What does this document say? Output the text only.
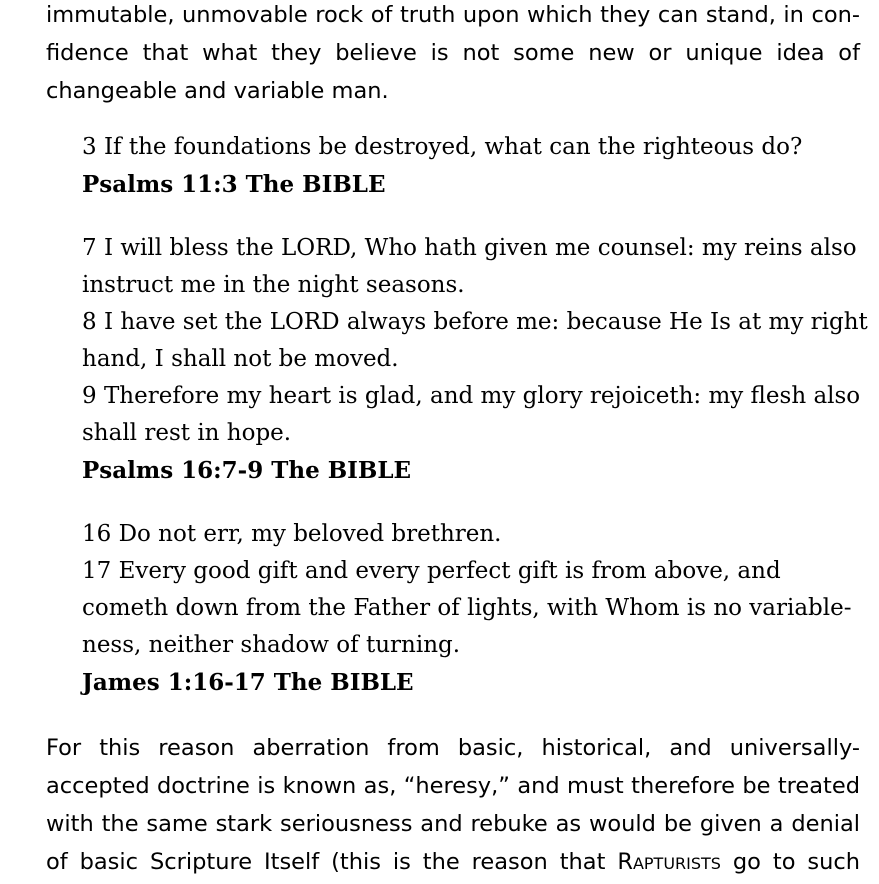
immutable, unmovable rock of truth upon which they can stand, in con-
fidence that what they believe is not some new or unique idea of
changeable and variable man.
3 If the foundations be destroyed, what can the righteous do?
Psalms 11:3 The BIBLE
7 I will bless the LORD, Who hath given me counsel: my reins also
instruct me in the night seasons.
8 I have set the LORD always before me: because He Is at my right
hand, I shall not be moved.
9 Therefore my heart is glad, and my glory rejoiceth: my flesh also
shall rest in hope.
Psalms 16:7-9 The BIBLE
16 Do not err, my beloved brethren.
17 Every good gift and every perfect gift is from above, and
cometh down from the Father of lights, with Whom is no variable-
ness, neither shadow of turning.
James 1:16-17 The BIBLE
For this reason aberration from basic, historical, and universally-
accepted doctrine is known as, “heresy,” and must therefore be treated
with the same stark seriousness and rebuke as would be given a denial
of basic Scripture Itself (this is the reason that Rapturists go to such
